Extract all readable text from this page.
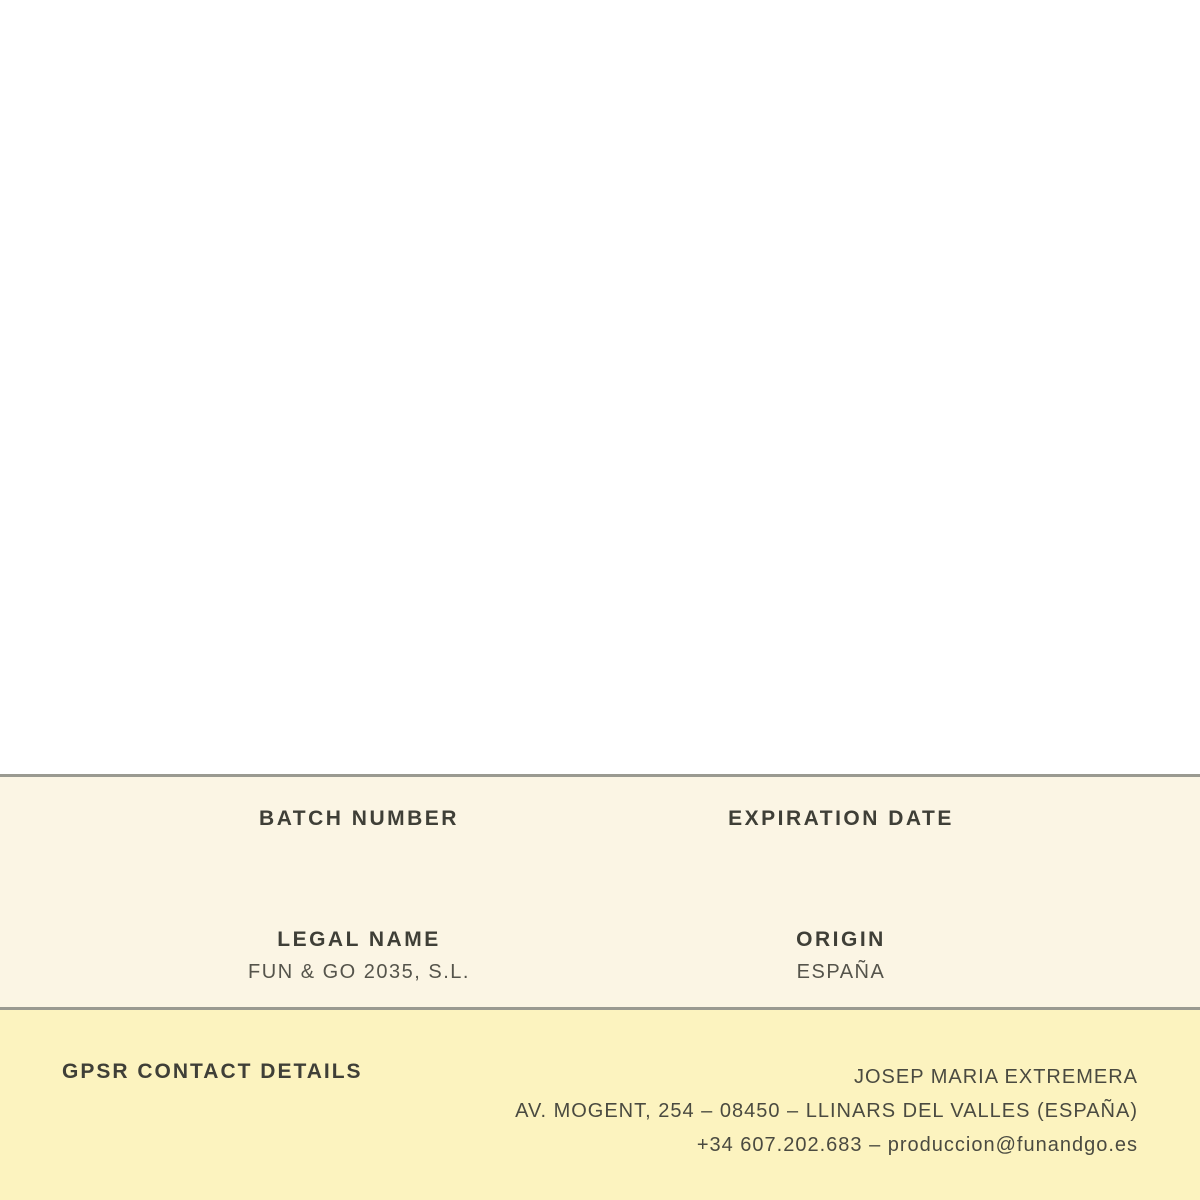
BATCH NUMBER	EXPIRATION DATE
LEGAL NAME
FUN & GO 2035, S.L.
ORIGIN
ESPAÑA
GPSR CONTACT DETAILS	JOSEP MARIA EXTREMERA
AV. MOGENT, 254 – 08450 – LLINARS DEL VALLES (ESPAÑA)
+34 607.202.683 – produccion@funandgo.es
